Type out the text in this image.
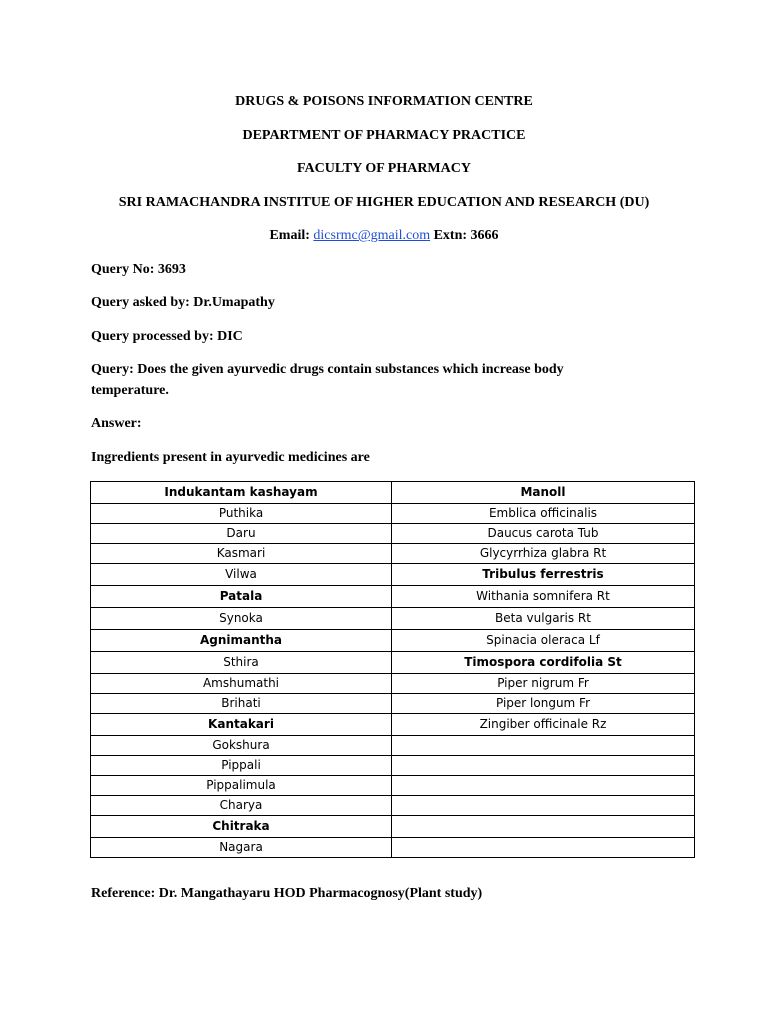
DRUGS & POISONS INFORMATION CENTRE
DEPARTMENT OF PHARMACY PRACTICE
FACULTY OF PHARMACY
SRI RAMACHANDRA INSTITUE OF HIGHER EDUCATION AND RESEARCH (DU)
Email: dicsrmc@gmail.com Extn: 3666
Query No: 3693
Query asked by: Dr.Umapathy
Query processed by: DIC
Query: Does the given ayurvedic drugs contain substances which increase body temperature.
Answer:
Ingredients present in ayurvedic medicines are
Indukantam kashayam	Manoll
Puthika	Emblica officinalis
Daru	Daucus carota Tub
Kasmari	Glycyrrhiza glabra Rt
Vilwa	Tribulus ferrestris
Patala	Withania somnifera Rt
Synoka	Beta vulgaris Rt
Agnimantha	Spinacia oleraca Lf
Sthira	Timospora cordifolia St
Amshumathi	Piper nigrum Fr
Brihati	Piper longum Fr
Kantakari	Zingiber officinale Rz
Gokshura	
Pippali	
Pippalimula	
Charya	
Chitraka	
Nagara	
Reference: Dr. Mangathayaru HOD Pharmacognosy(Plant study)
